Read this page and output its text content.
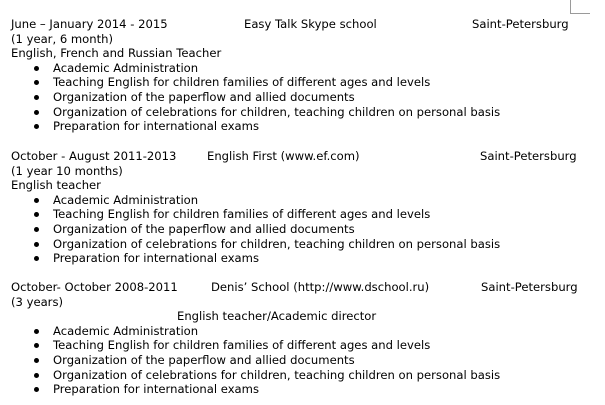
June – January 2014 - 2015	Easy Talk Skype school	Saint-Petersburg
(1 year, 6 month)
English, French and Russian Teacher
Academic Administration
Teaching English for children families of different ages and levels
Organization of the paperflow and allied documents
Organization of celebrations for children, teaching children on personal basis
Preparation for international exams
October - August 2011-2013	English First (www.ef.com)	Saint-Petersburg
(1 year 10 months)
English teacher
Academic Administration
Teaching English for children families of different ages and levels
Organization of the paperflow and allied documents
Organization of celebrations for children, teaching children on personal basis
Preparation for international exams
October- October 2008-2011	Denis’ School (http://www.dschool.ru)	Saint-Petersburg
(3 years)
English teacher/Academic director
Academic Administration
Teaching English for children families of different ages and levels
Organization of the paperflow and allied documents
Organization of celebrations for children, teaching children on personal basis
Preparation for international exams
